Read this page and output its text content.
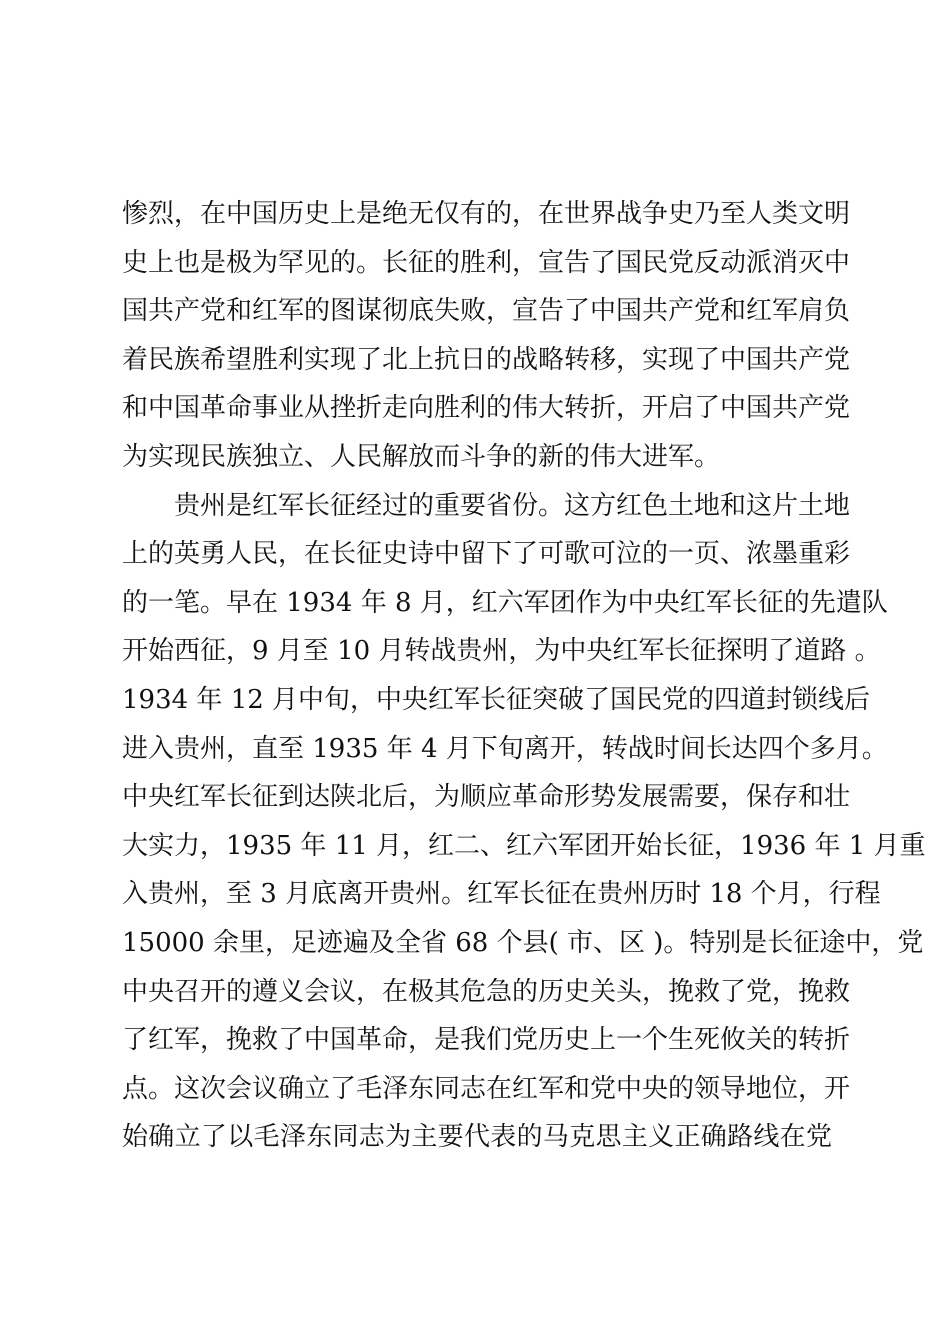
惨烈，在中国历史上是绝无仅有的，在世界战争史乃至人类文明
史上也是极为罕见的。长征的胜利，宣告了国民党反动派消灭中
国共产党和红军的图谋彻底失败，宣告了中国共产党和红军肩负
着民族希望胜利实现了北上抗日的战略转移，实现了中国共产党
和中国革命事业从挫折走向胜利的伟大转折，开启了中国共产党
为实现民族独立、人民解放而斗争的新的伟大进军。
贵州是红军长征经过的重要省份。这方红色土地和这片土地
上的英勇人民，在长征史诗中留下了可歌可泣的一页、浓墨重彩
的一笔。早在 1934 年 8 月，红六军团作为中央红军长征的先遣队
开始西征，9 月至 10 月转战贵州，为中央红军长征探明了道路 。
1934 年 12 月中旬，中央红军长征突破了国民党的四道封锁线后
进入贵州，直至 1935 年 4 月下旬离开，转战时间长达四个多月。
中央红军长征到达陕北后，为顺应革命形势发展需要，保存和壮
大实力，1935 年 11 月，红二、红六军团开始长征，1936 年 1 月重
入贵州，至 3 月底离开贵州。红军长征在贵州历时 18 个月，行程
15000 余里，足迹遍及全省 68 个县( 市、区 )。特别是长征途中，党
中央召开的遵义会议，在极其危急的历史关头，挽救了党，挽救
了红军，挽救了中国革命，是我们党历史上一个生死攸关的转折
点。这次会议确立了毛泽东同志在红军和党中央的领导地位，开
始确立了以毛泽东同志为主要代表的马克思主义正确路线在党
